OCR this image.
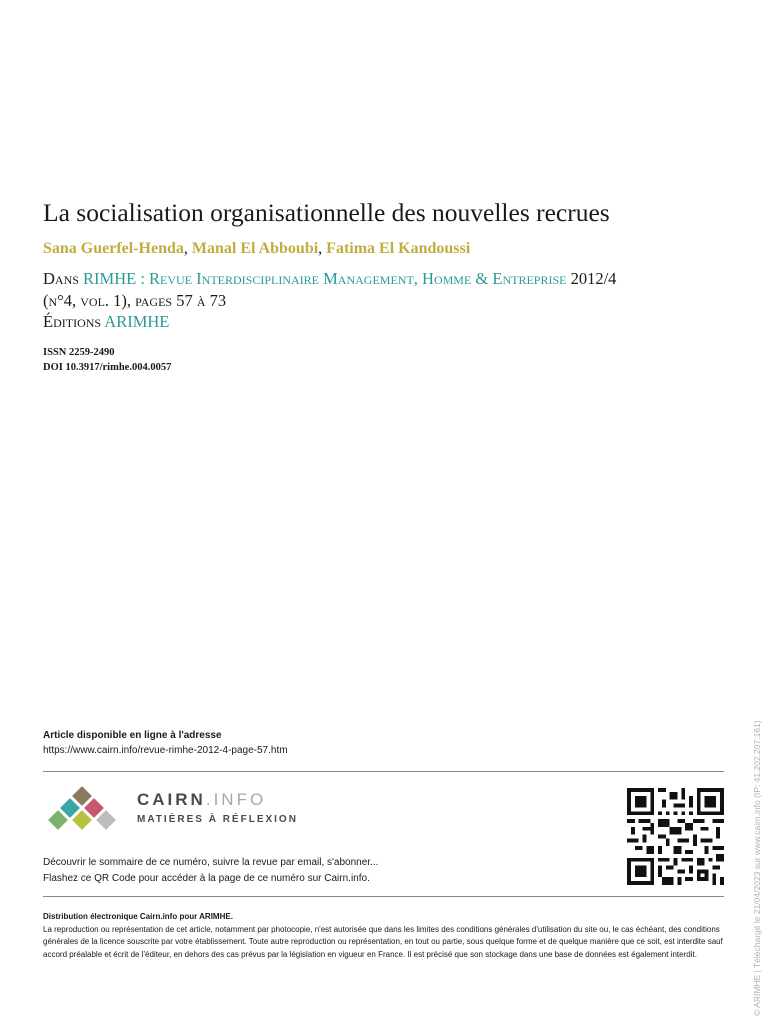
La socialisation organisationnelle des nouvelles recrues
Sana Guerfel-Henda, Manal El Abboubi, Fatima El Kandoussi
Dans RIMHE : Revue Interdisciplinaire Management, Homme & Entreprise 2012/4
(n°4, vol. 1), pages 57 à 73
Éditions ARIMHE
ISSN 2259-2490
DOI 10.3917/rimhe.004.0057
Article disponible en ligne à l'adresse
https://www.cairn.info/revue-rimhe-2012-4-page-57.htm
CAIRN.INFO
MATIÈRES À RÉFLEXION
Découvrir le sommaire de ce numéro, suivre la revue par email, s'abonner...
Flashez ce QR Code pour accéder à la page de ce numéro sur Cairn.info.
Distribution électronique Cairn.info pour ARIMHE.
La reproduction ou représentation de cet article, notamment par photocopie, n'est autorisée que dans les limites des conditions générales d'utilisation du site ou, le cas échéant, des conditions générales de la licence souscrite par votre établissement. Toute autre reproduction ou représentation, en tout ou partie, sous quelque forme et de quelque manière que ce soit, est interdite sauf accord préalable et écrit de l'éditeur, en dehors des cas prévus par la législation en vigueur en France. Il est précisé que son stockage dans une base de données est également interdit.	© ARIMHE | Téléchargé le 21/04/2023 sur www.cairn.info (IP: 41.202.207.161)
